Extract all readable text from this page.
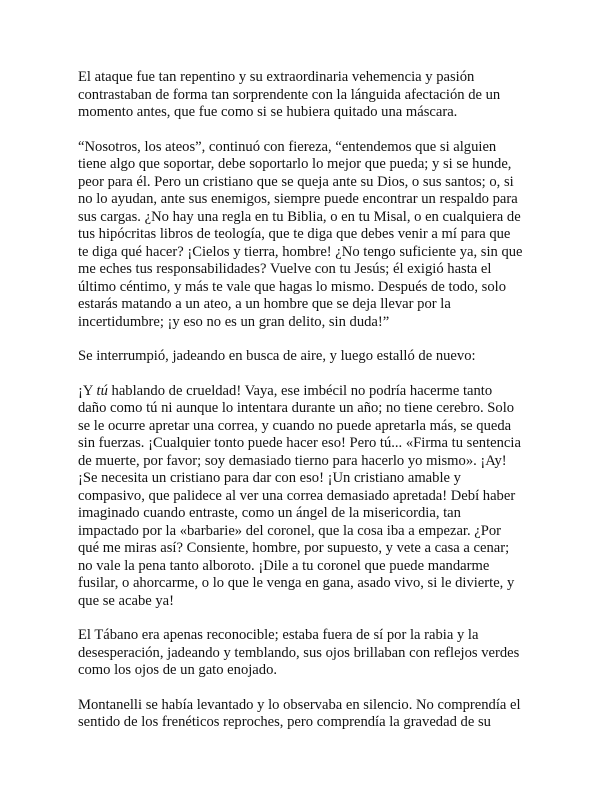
El ataque fue tan repentino y su extraordinaria vehemencia y pasión
contrastaban de forma tan sorprendente con la lánguida afectación de un
momento antes, que fue como si se hubiera quitado una máscara.

“Nosotros, los ateos”, continuó con fiereza, “entendemos que si alguien
tiene algo que soportar, debe soportarlo lo mejor que pueda; y si se hunde,
peor para él. Pero un cristiano que se queja ante su Dios, o sus santos; o, si
no lo ayudan, ante sus enemigos, siempre puede encontrar un respaldo para
sus cargas. ¿No hay una regla en tu Biblia, o en tu Misal, o en cualquiera de
tus hipócritas libros de teología, que te diga que debes venir a mí para que
te diga qué hacer? ¡Cielos y tierra, hombre! ¿No tengo suficiente ya, sin que
me eches tus responsabilidades? Vuelve con tu Jesús; él exigió hasta el
último céntimo, y más te vale que hagas lo mismo. Después de todo, solo
estarás matando a un ateo, a un hombre que se deja llevar por la
incertidumbre; ¡y eso no es un gran delito, sin duda!”

Se interrumpió, jadeando en busca de aire, y luego estalló de nuevo:

¡Y tú hablando de crueldad! Vaya, ese imbécil no podría hacerme tanto
daño como tú ni aunque lo intentara durante un año; no tiene cerebro. Solo
se le ocurre apretar una correa, y cuando no puede apretarla más, se queda
sin fuerzas. ¡Cualquier tonto puede hacer eso! Pero tú... «Firma tu sentencia
de muerte, por favor; soy demasiado tierno para hacerlo yo mismo». ¡Ay!
¡Se necesita un cristiano para dar con eso! ¡Un cristiano amable y
compasivo, que palidece al ver una correa demasiado apretada! Debí haber
imaginado cuando entraste, como un ángel de la misericordia, tan
impactado por la «barbarie» del coronel, que la cosa iba a empezar. ¿Por
qué me miras así? Consiente, hombre, por supuesto, y vete a casa a cenar;
no vale la pena tanto alboroto. ¡Dile a tu coronel que puede mandarme
fusilar, o ahorcarme, o lo que le venga en gana, asado vivo, si le divierte, y
que se acabe ya!

El Tábano era apenas reconocible; estaba fuera de sí por la rabia y la
desesperación, jadeando y temblando, sus ojos brillaban con reflejos verdes
como los ojos de un gato enojado.

Montanelli se había levantado y lo observaba en silencio. No comprendía el
sentido de los frenéticos reproches, pero comprendía la gravedad de su
